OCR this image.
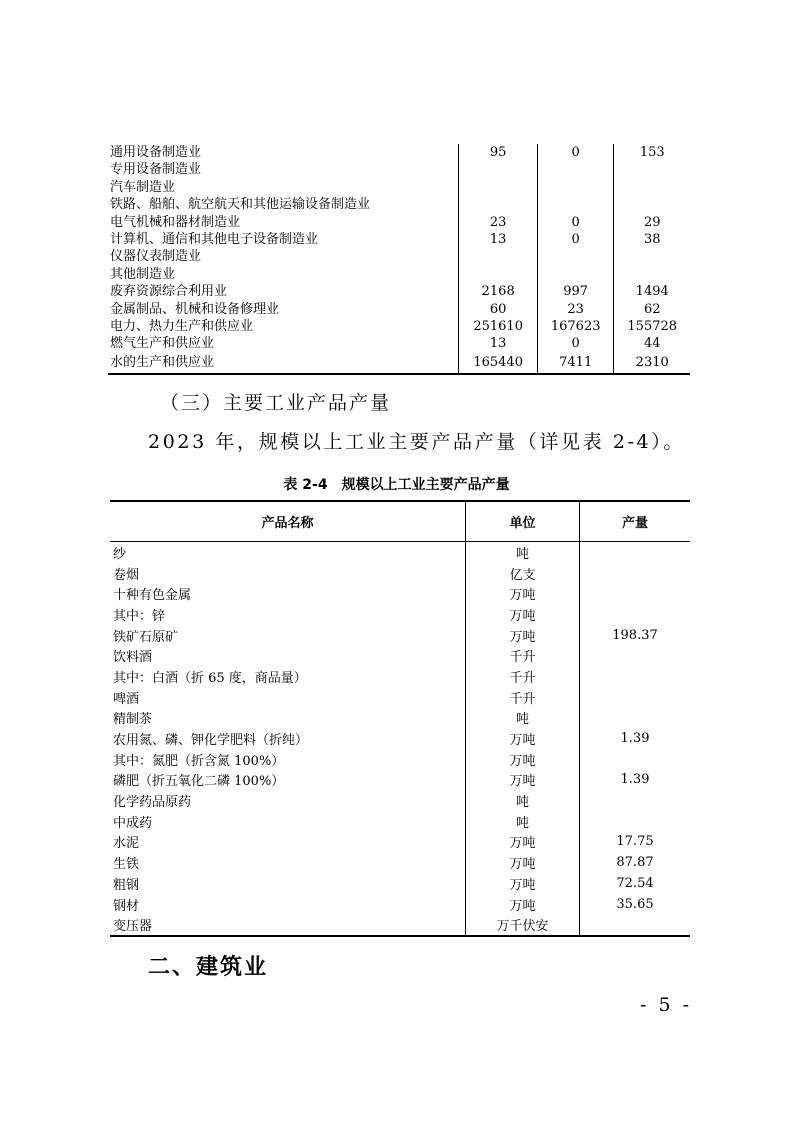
通用设备制造业	95	0	153
专用设备制造业			
汽车制造业			
铁路、船舶、航空航天和其他运输设备制造业			
电气机械和器材制造业	23	0	29
计算机、通信和其他电子设备制造业	13	0	38
仪器仪表制造业			
其他制造业			
废弃资源综合利用业	2168	997	1494
金属制品、机械和设备修理业	60	23	62
电力、热力生产和供应业	251610	167623	155728
燃气生产和供应业	13	0	44
水的生产和供应业	165440	7411	2310
（三）主要工业产品产量
2023 年，规模以上工业主要产品产量（详见表 2-4）。
表 2-4　规模以上工业主要产品产量
产品名称	单位	产量
纱	吨	
卷烟	亿支	
十种有色金属	万吨	
其中：锌	万吨	
铁矿石原矿	万吨	198.37
饮料酒	千升	
其中：白酒（折 65 度，商品量）	千升	
啤酒	千升	
精制茶	吨	
农用氮、磷、钾化学肥料（折纯）	万吨	1.39
其中：氮肥（折含氮 100%）	万吨	
磷肥（折五氧化二磷 100%）	万吨	1.39
化学药品原药	吨	
中成药	吨	
水泥	万吨	17.75
生铁	万吨	87.87
粗钢	万吨	72.54
钢材	万吨	35.65
变压器	万千伏安	
二、建筑业
- 5 -
